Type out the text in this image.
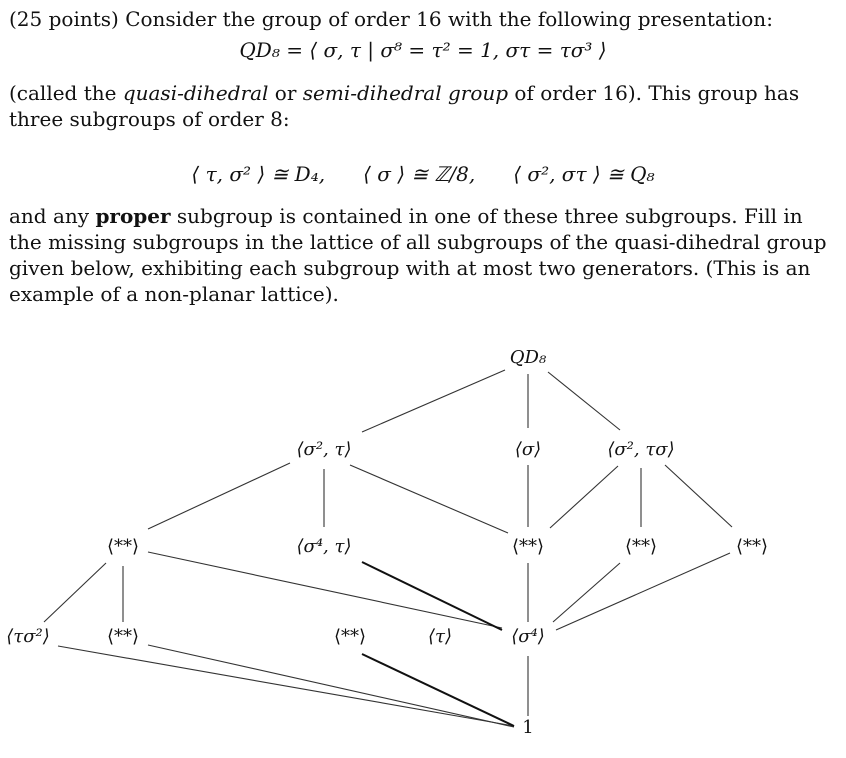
(25 points) Consider the group of order 16 with the following presentation:
QD₈ = ⟨ σ, τ | σ⁸ = τ² = 1, στ = τσ³ ⟩
(called the quasi-dihedral or semi-dihedral group of order 16). This group has three subgroups of order 8:
⟨ τ, σ² ⟩ ≅ D₄, ⟨ σ ⟩ ≅ ℤ/8, ⟨ σ², στ ⟩ ≅ Q₈
and any proper subgroup is contained in one of these three subgroups. Fill in the missing subgroups in the lattice of all subgroups of the quasi-dihedral group given below, exhibiting each subgroup with at most two generators. (This is an example of a non-planar lattice).
QD₈
⟨σ², τ⟩	⟨σ⟩	⟨σ², τσ⟩
⟨**⟩	⟨σ⁴, τ⟩	⟨**⟩	⟨**⟩	⟨**⟩
⟨τσ²⟩	⟨**⟩	⟨**⟩	⟨τ⟩	⟨σ⁴⟩
1
